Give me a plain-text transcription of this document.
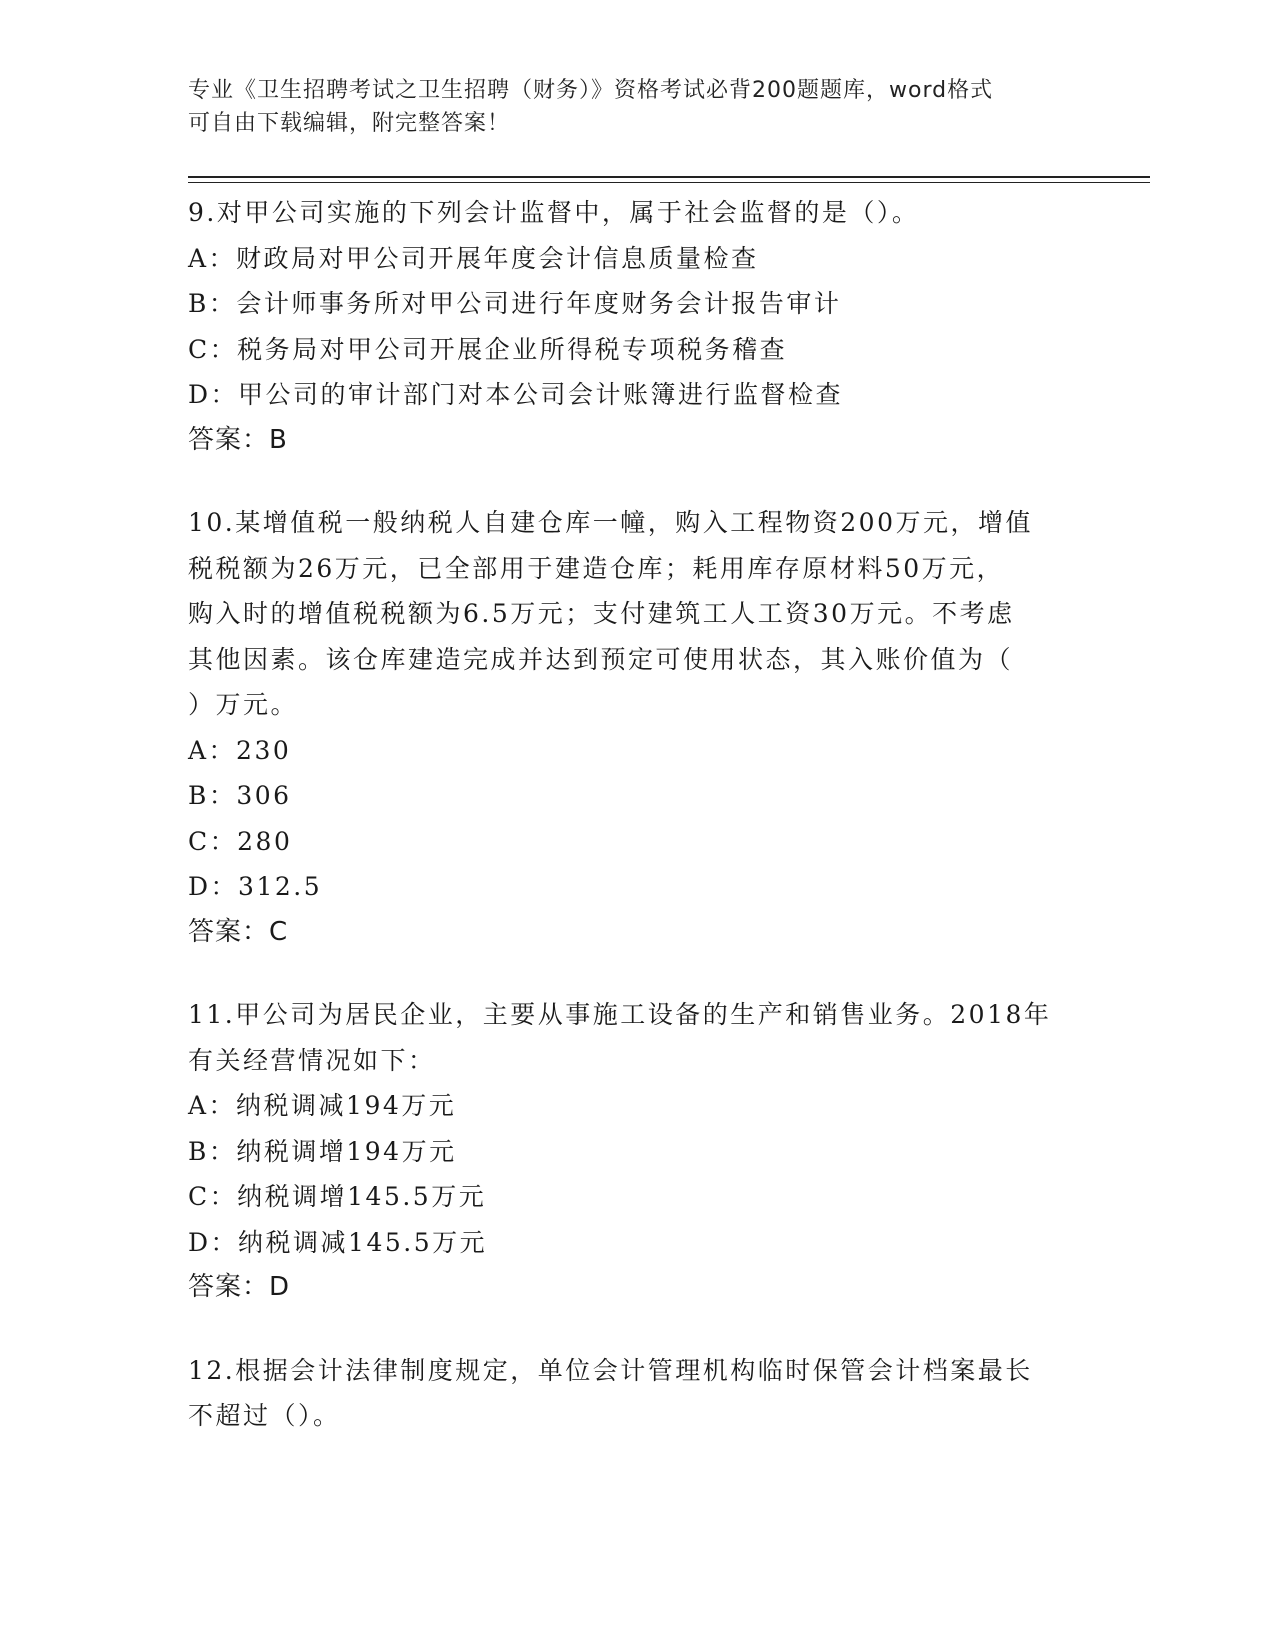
专业《卫生招聘考试之卫生招聘（财务）》资格考试必背200题题库，word格式
可自由下载编辑，附完整答案！
9.对甲公司实施的下列会计监督中，属于社会监督的是（）。
A：财政局对甲公司开展年度会计信息质量检查
B：会计师事务所对甲公司进行年度财务会计报告审计
C：税务局对甲公司开展企业所得税专项税务稽查
D：甲公司的审计部门对本公司会计账簿进行监督检查
答案：B
10.某增值税一般纳税人自建仓库一幢，购入工程物资200万元，增值
税税额为26万元，已全部用于建造仓库；耗用库存原材料50万元，
购入时的增值税税额为6.5万元；支付建筑工人工资30万元。不考虑
其他因素。该仓库建造完成并达到预定可使用状态，其入账价值为（
）万元。
A：230
B：306
C：280
D：312.5
答案：C
11.甲公司为居民企业，主要从事施工设备的生产和销售业务。2018年
有关经营情况如下：
A：纳税调减194万元
B：纳税调增194万元
C：纳税调增145.5万元
D：纳税调减145.5万元
答案：D
12.根据会计法律制度规定，单位会计管理机构临时保管会计档案最长
不超过（）。
